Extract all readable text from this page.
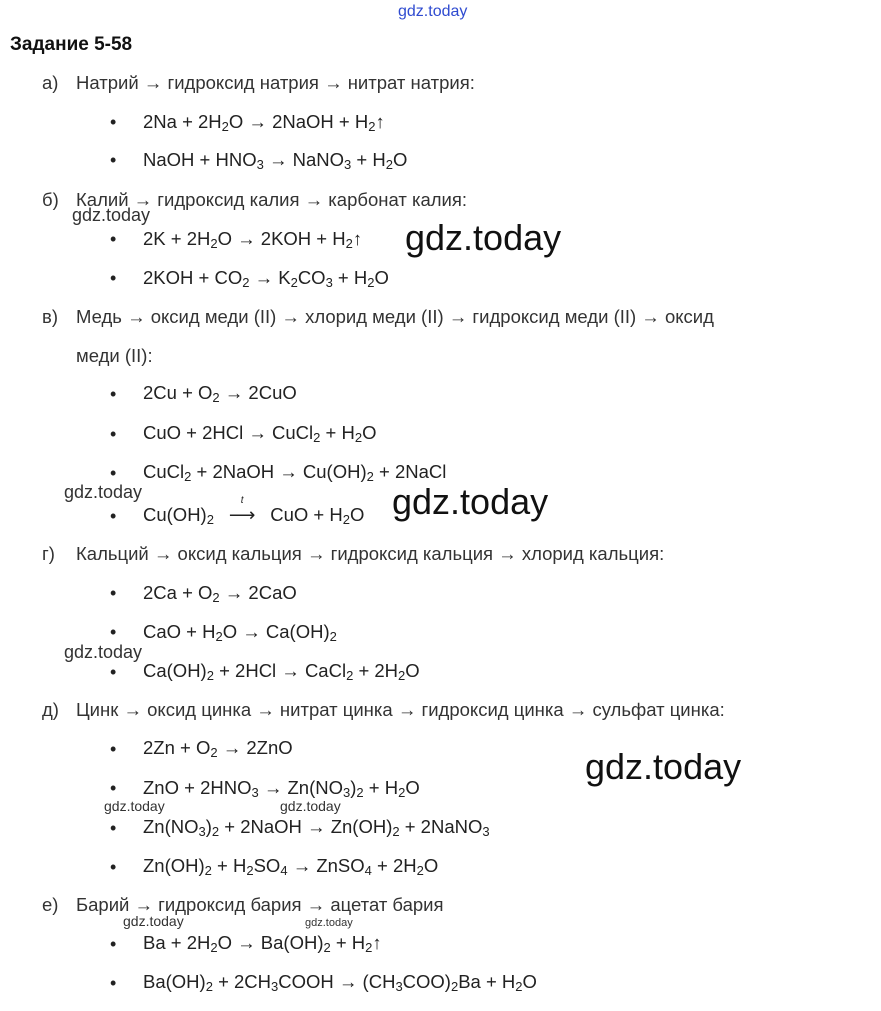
gdz.today
Задание 5-58
а) Натрий → гидроксид натрия → нитрат натрия:
• $2Na + 2H_2O$ → 2NaOH + $H_2↑$
• NaOH + $HNO_3$ → NaNO$_3$ + $H_2O$
б) Калий → гидроксид калия → карбонат калия:
• $2K + 2H_2O \to 2KOH$ + $H_2↑$
• $2KOH + CO_2 \to K_2CO_3 + H_2O$
в) Медь → оксид меди (II) → хлорид меди (II) → гидроксид меди (II) → оксид
меди (II):
• $2Cu + O_2 \to 2CuO$
• CuO + 2HCl → CuCl$_2$ + $H_2O$
• CuCl$_2$ + 2NaOH → $Cu(OH)_2$ + 2NaCl
• $Cu(OH)_2$
t
⟶ CuO + $H_2O$
г) Кальций → оксид кальция → гидроксид кальция → хлорид кальция:
• $2Ca + O_2 \to 2CaO$
• CaO + $H_2O \to Ca(OH)_2$
• $Ca(OH)_2 + 2HCl$ → CaCl$_2$ + $2H_2O$
д) Цинк → оксид цинка → нитрат цинка → гидроксид цинка → сульфат цинка:
• $2Zn + O_2 \to 2ZnO$
• ZnO + $2HNO_3 \to Zn(NO_3)_2 + H_2O$
• $Zn(NO_3)_2$ + 2NaOH → $Zn(OH)_2$ + 2NaNO$_3$
• $Zn(OH)_2 + H_2SO_4$ → ZnSO$_4$ + $2H_2O$
е) Барий → гидроксид бария → ацетат бария
• $Ba + 2H_2O \to Ba(OH)_2$ + $H_2↑$
• $Ba(OH)_2$ + $2CH_3COOH \to (CH_3COO)_2Ba + H_2O$
gdz.today
gdz.today
gdz.today	gdz.today
gdz.today
gdz.today
gdz.today	gdz.today
gdz.today	gdz.today
